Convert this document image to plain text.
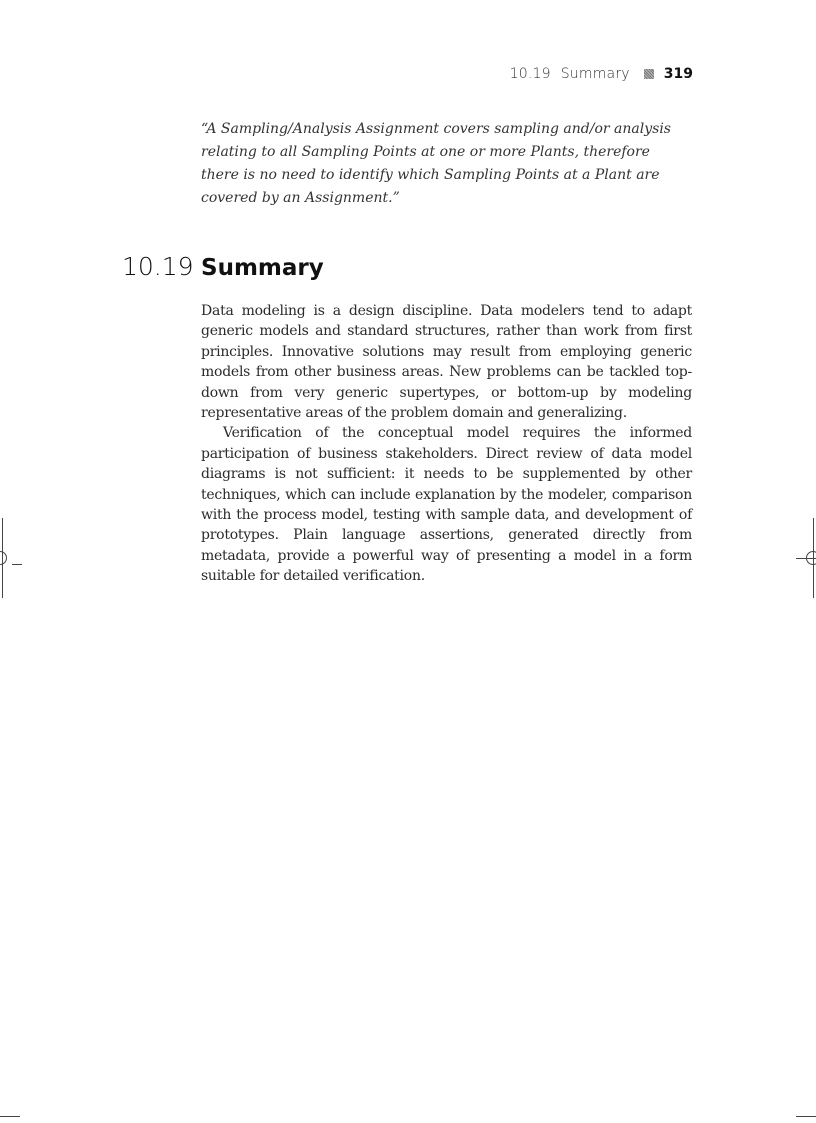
10.19 Summary 319

“A Sampling/Analysis Assignment covers sampling and/or analysis relating to all Sampling Points at one or more Plants, therefore there is no need to identify which Sampling Points at a Plant are covered by an Assignment.”

10.19 Summary

Data modeling is a design discipline. Data modelers tend to adapt generic models and standard structures, rather than work from first principles. Innovative solutions may result from employing generic models from other business areas. New problems can be tackled top-down from very generic supertypes, or bottom-up by modeling representative areas of the problem domain and generalizing.

Verification of the conceptual model requires the informed participation of business stakeholders. Direct review of data model diagrams is not sufficient: it needs to be supplemented by other techniques, which can include explanation by the modeler, comparison with the process model, testing with sample data, and development of prototypes. Plain language assertions, generated directly from metadata, provide a powerful way of presenting a model in a form suitable for detailed verification.
